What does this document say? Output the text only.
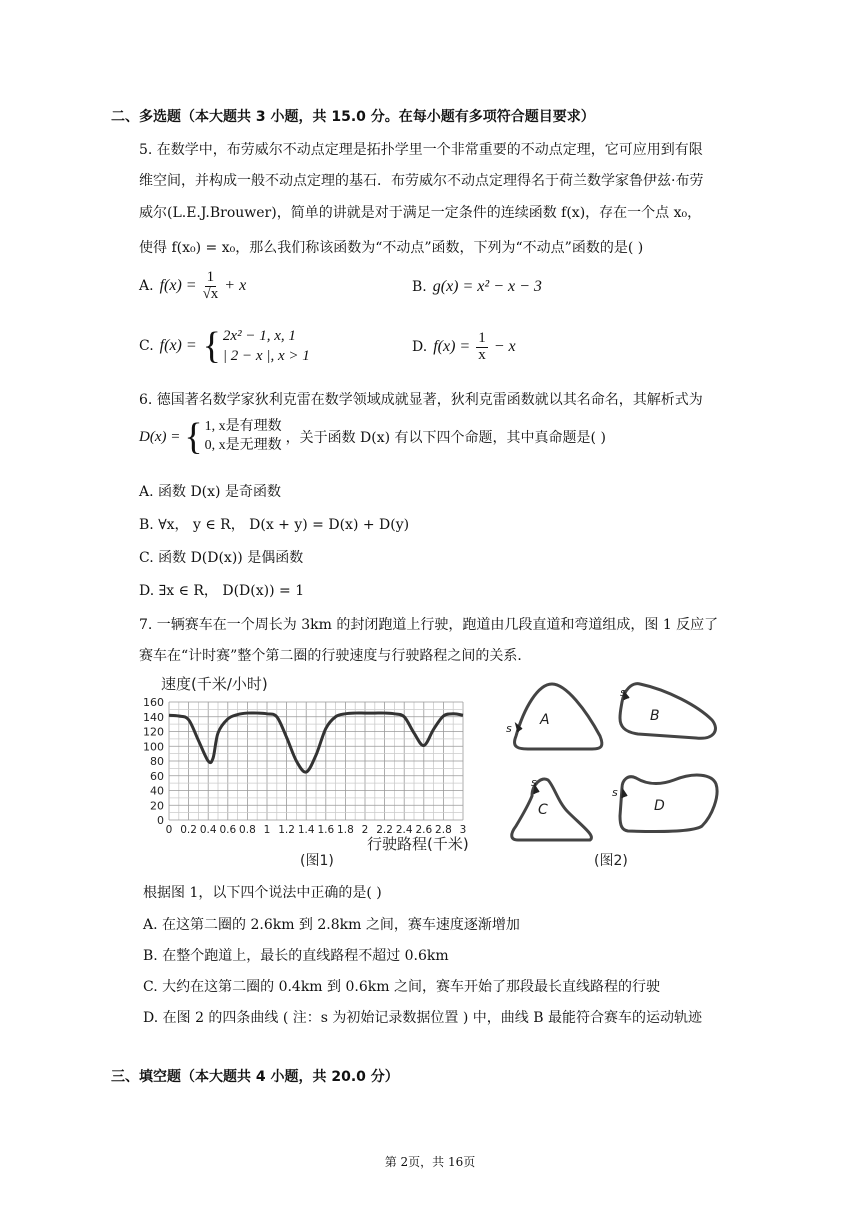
二、多选题（本大题共 3 小题，共 15.0 分。在每小题有多项符合题目要求）
5. 在数学中，布劳威尔不动点定理是拓扑学里一个非常重要的不动点定理，它可应用到有限
维空间，并构成一般不动点定理的基石．布劳威尔不动点定理得名于荷兰数学家鲁伊兹·布劳
威尔(L.E.J.Brouwer)，简单的讲就是对于满足一定条件的连续函数 f(x)，存在一个点 x₀，
使得 f(x₀) = x₀，那么我们称该函数为“不动点”函数，下列为“不动点”函数的是( )
A. $f(x) = \frac{1}{√x} + x$	B. g(x) = x² − x − 3
C. f(x) = { 2x² − 1, x, 1
| 2 − x |, x > 1
D. $f(x) = \frac{1}{x} - x$
6. 德国著名数学家狄利克雷在数学领域成就显著，狄利克雷函数就以其名命名，其解析式为
D(x) = { 1, x是有理数
0, x是无理数 ，关于函数 D(x) 有以下四个命题，其中真命题是( )
A. 函数 D(x) 是奇函数
B. ∀x， y ∈ R， D(x + y) = D(x) + D(y)
C. 函数 D(D(x)) 是偶函数
D. ∃x ∈ R， D(D(x)) = 1
7. 一辆赛车在一个周长为 3km 的封闭跑道上行驶，跑道由几段直道和弯道组成，图 1 反应了
赛车在“计时赛”整个第二圈的行驶速度与行驶路程之间的关系．
速度(千米/小时)
0
20
40
60
80
100
120
140
160
0 0.2 0.4 0.6 0.8 1 1.2 1.4 1.6 1.8 2 2.2 2.4 2.6 2.8 3
行驶路程(千米)
(图1)
s
A
s
B
s
C
s
D
(图2)
根据图 1，以下四个说法中正确的是( )
A. 在这第二圈的 2.6km 到 2.8km 之间，赛车速度逐渐增加
B. 在整个跑道上，最长的直线路程不超过 0.6km
C. 大约在这第二圈的 0.4km 到 0.6km 之间，赛车开始了那段最长直线路程的行驶
D. 在图 2 的四条曲线 ( 注：s 为初始记录数据位置 ) 中，曲线 B 最能符合赛车的运动轨迹
三、填空题（本大题共 4 小题，共 20.0 分）
第 2页，共 16页
